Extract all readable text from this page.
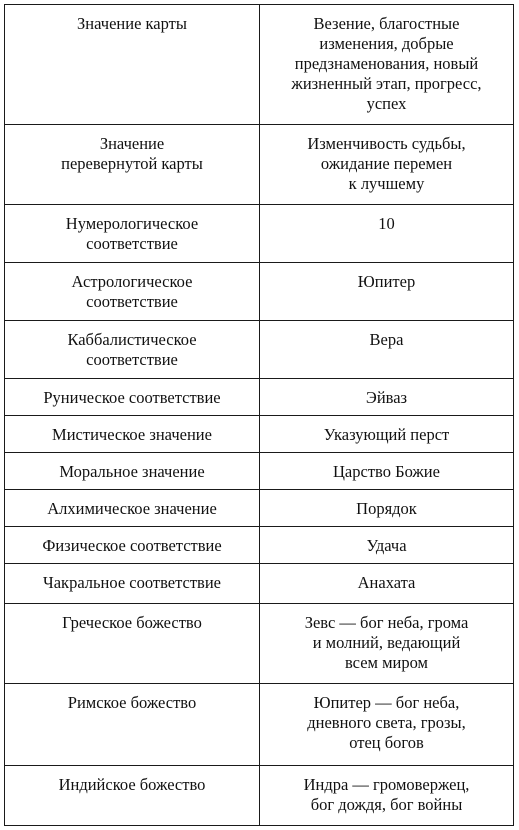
Значение карты	Везение, благостные
изменения, добрые
предзнаменования, новый
жизненный этап, прогресс,
успех
Значение
перевернутой карты	Изменчивость судьбы,
ожидание перемен
к лучшему
Нумерологическое
соответствие	10
Астрологическое
соответствие	Юпитер
Каббалистическое
соответствие	Вера
Руническое соответствие	Эйваз
Мистическое значение	Указующий перст
Моральное значение	Царство Божие
Алхимическое значение	Порядок
Физическое соответствие	Удача
Чакральное соответствие	Анахата
Греческое божество	Зевс — бог неба, грома
и молний, ведающий
всем миром
Римское божество	Юпитер — бог неба,
дневного света, грозы,
отец богов
Индийское божество	Индра — громовержец,
бог дождя, бог войны
